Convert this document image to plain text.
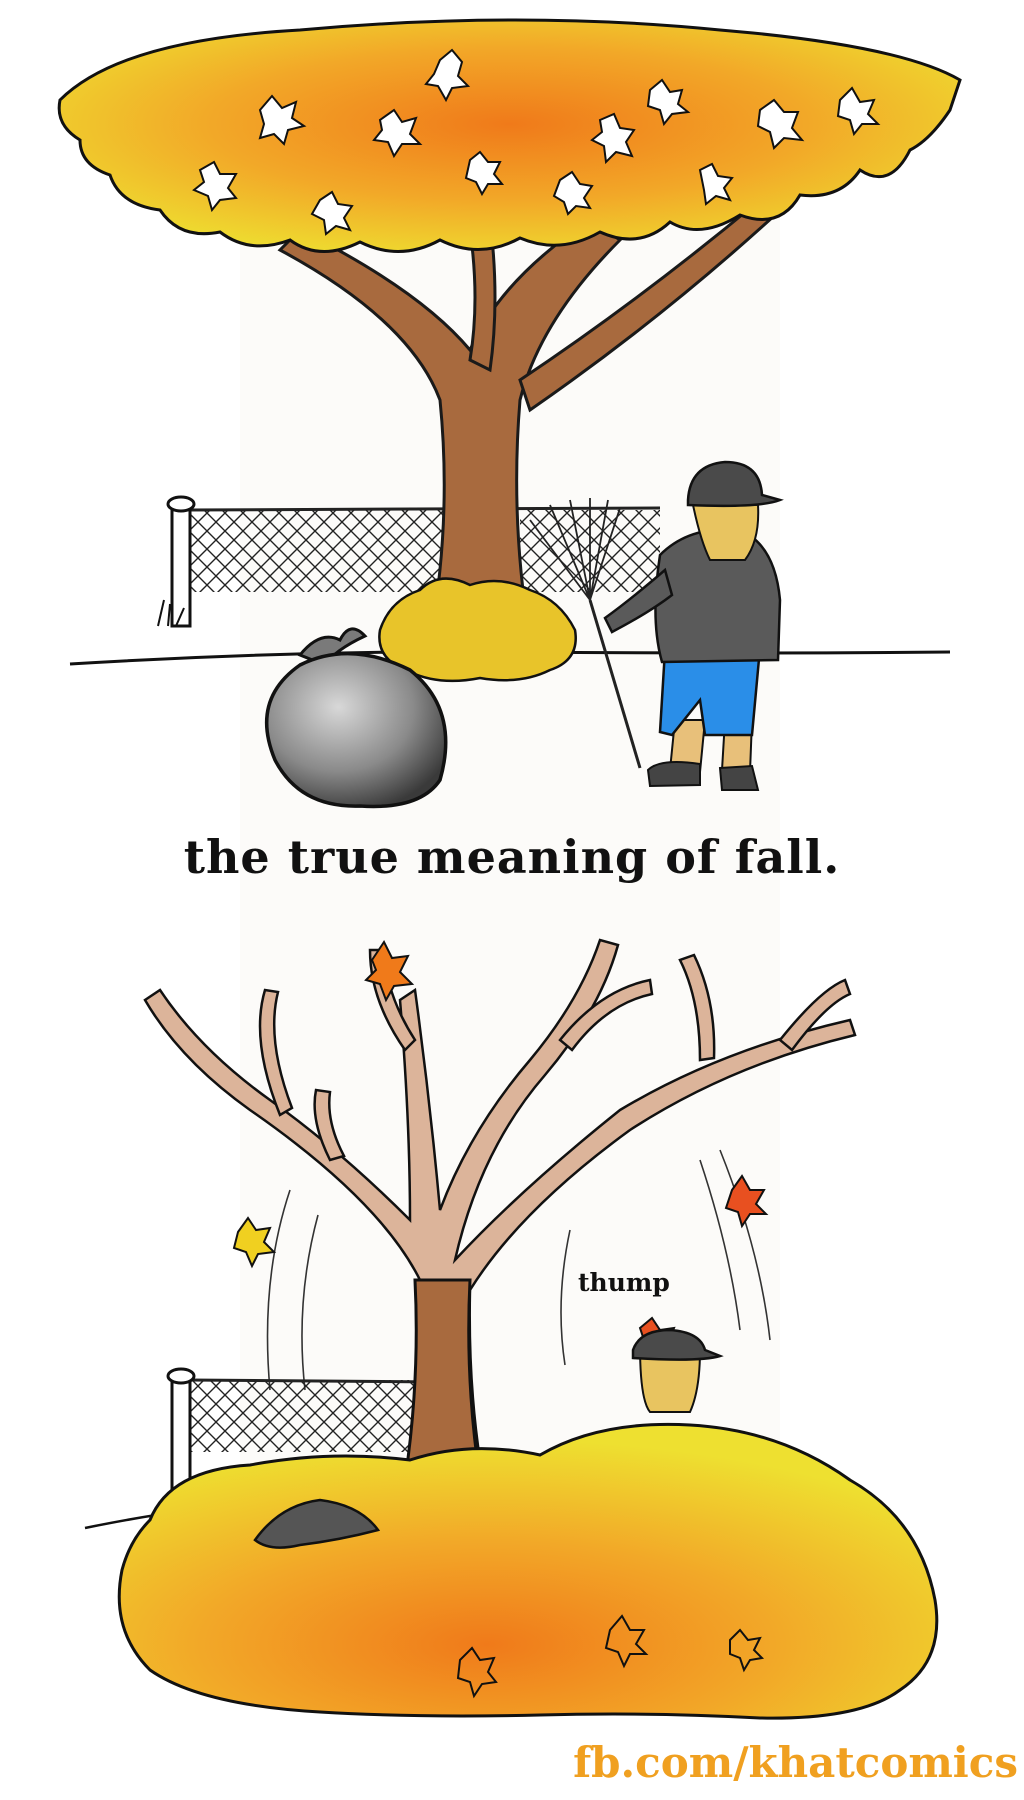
the true meaning of fall.
thump
fb.com/khatcomics
